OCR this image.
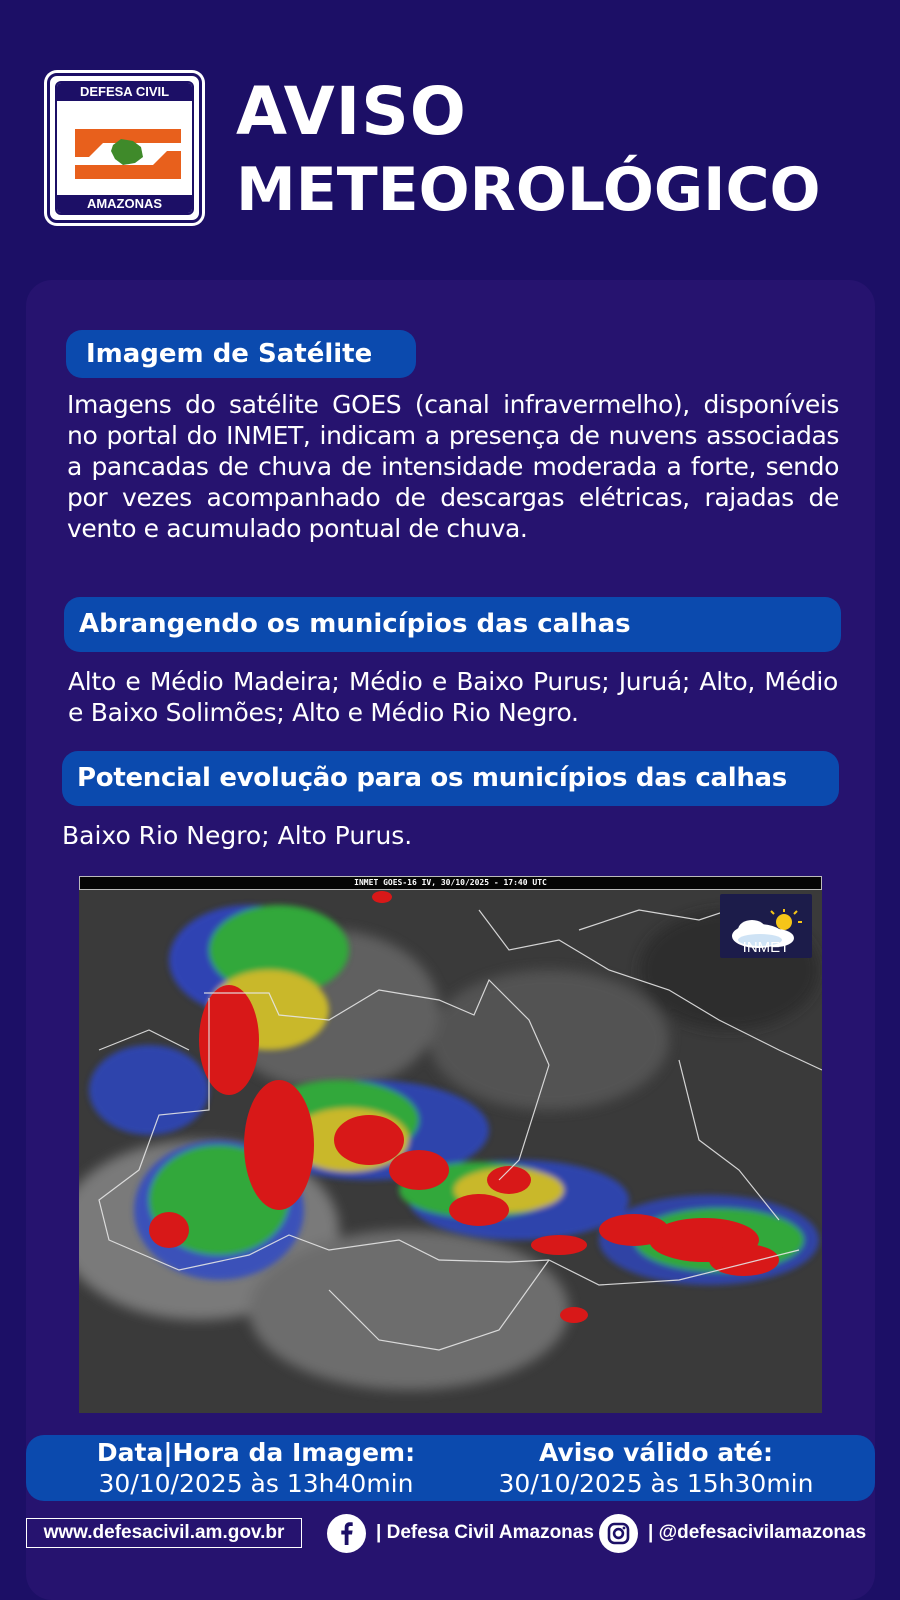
DEFESA CIVIL
AMAZONAS
AVISO
METEOROLÓGICO
Imagem de Satélite
Imagens do satélite GOES (canal infravermelho), disponíveis no portal do INMET, indicam a presença de nuvens associadas a pancadas de chuva de intensidade moderada a forte, sendo por vezes acompanhado de descargas elétricas, rajadas de vento e acumulado pontual de chuva.
Abrangendo os municípios das calhas
Alto e Médio Madeira; Médio e Baixo Purus; Juruá; Alto, Médio e Baixo Solimões; Alto e Médio Rio Negro.
Potencial evolução para os municípios das calhas
Baixo Rio Negro; Alto Purus.
INMET GOES-16 IV, 30/10/2025 - 17:40 UTC
INMET
Data|Hora da Imagem:
30/10/2025 às 13h40min
Aviso válido até:
30/10/2025 às 15h30min
www.defesacivil.am.gov.br	| Defesa Civil Amazonas	| @defesacivilamazonas
